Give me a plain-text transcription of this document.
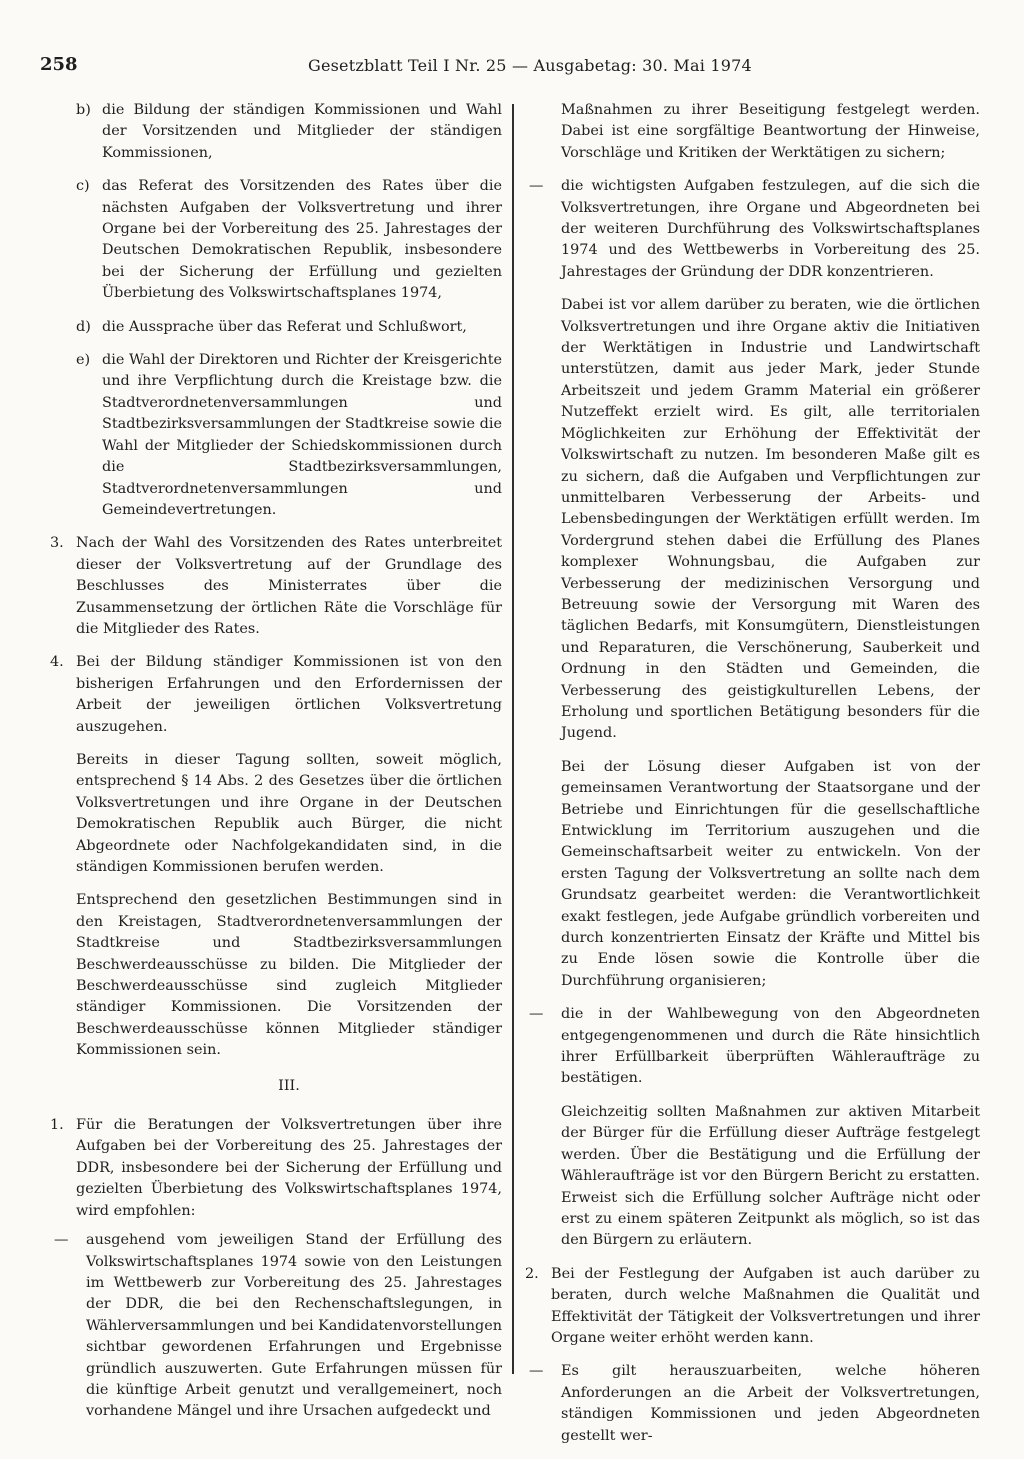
258	Gesetzblatt Teil I Nr. 25 — Ausgabetag: 30. Mai 1974
b) die Bildung der ständigen Kommissionen und Wahl der Vorsitzenden und Mitglieder der ständigen Kommissionen,
c) das Referat des Vorsitzenden des Rates über die nächsten Aufgaben der Volksvertretung und ihrer Organe bei der Vorbereitung des 25. Jahrestages der Deutschen Demokratischen Republik, insbesondere bei der Sicherung der Erfüllung und gezielten Überbietung des Volkswirtschaftsplanes 1974,
d) die Aussprache über das Referat und Schlußwort,
e) die Wahl der Direktoren und Richter der Kreisgerichte und ihre Verpflichtung durch die Kreistage bzw. die Stadtverordnetenversammlungen und Stadtbezirksversammlungen der Stadtkreise sowie die Wahl der Mitglieder der Schiedskommissionen durch die Stadtbezirksversammlungen, Stadtverordnetenversammlungen und Gemeindevertretungen.
3. Nach der Wahl des Vorsitzenden des Rates unterbreitet dieser der Volksvertretung auf der Grundlage des Beschlusses des Ministerrates über die Zusammensetzung der örtlichen Räte die Vorschläge für die Mitglieder des Rates.
4. Bei der Bildung ständiger Kommissionen ist von den bisherigen Erfahrungen und den Erfordernissen der Arbeit der jeweiligen örtlichen Volksvertretung auszugehen.

Bereits in dieser Tagung sollten, soweit möglich, entsprechend § 14 Abs. 2 des Gesetzes über die örtlichen Volksvertretungen und ihre Organe in der Deutschen Demokratischen Republik auch Bürger, die nicht Abgeordnete oder Nachfolgekandidaten sind, in die ständigen Kommissionen berufen werden.

Entsprechend den gesetzlichen Bestimmungen sind in den Kreistagen, Stadtverordnetenversammlungen der Stadtkreise und Stadtbezirksversammlungen Beschwerdeausschüsse zu bilden. Die Mitglieder der Beschwerdeausschüsse sind zugleich Mitglieder ständiger Kommissionen. Die Vorsitzenden der Beschwerdeausschüsse können Mitglieder ständiger Kommissionen sein.

III.
1. Für die Beratungen der Volksvertretungen über ihre Aufgaben bei der Vorbereitung des 25. Jahrestages der DDR, insbesondere bei der Sicherung der Erfüllung und gezielten Überbietung des Volkswirtschaftsplanes 1974, wird empfohlen:
— ausgehend vom jeweiligen Stand der Erfüllung des Volkswirtschaftsplanes 1974 sowie von den Leistungen im Wettbewerb zur Vorbereitung des 25. Jahrestages der DDR, die bei den Rechenschaftslegungen, in Wählerversammlungen und bei Kandidatenvorstellungen sichtbar gewordenen Erfahrungen und Ergebnisse gründlich auszuwerten. Gute Erfahrungen müssen für die künftige Arbeit genutzt und verallgemeinert, noch vorhandene Mängel und ihre Ursachen aufgedeckt und

Maßnahmen zu ihrer Beseitigung festgelegt werden. Dabei ist eine sorgfältige Beantwortung der Hinweise, Vorschläge und Kritiken der Werktätigen zu sichern;

— die wichtigsten Aufgaben festzulegen, auf die sich die Volksvertretungen, ihre Organe und Abgeordneten bei der weiteren Durchführung des Volkswirtschaftsplanes 1974 und des Wettbewerbs in Vorbereitung des 25. Jahrestages der Gründung der DDR konzentrieren.

Dabei ist vor allem darüber zu beraten, wie die örtlichen Volksvertretungen und ihre Organe aktiv die Initiativen der Werktätigen in Industrie und Landwirtschaft unterstützen, damit aus jeder Mark, jeder Stunde Arbeitszeit und jedem Gramm Material ein größerer Nutzeffekt erzielt wird. Es gilt, alle territorialen Möglichkeiten zur Erhöhung der Effektivität der Volkswirtschaft zu nutzen. Im besonderen Maße gilt es zu sichern, daß die Aufgaben und Verpflichtungen zur unmittelbaren Verbesserung der Arbeits- und Lebensbedingungen der Werktätigen erfüllt werden. Im Vordergrund stehen dabei die Erfüllung des Planes komplexer Wohnungsbau, die Aufgaben zur Verbesserung der medizinischen Versorgung und Betreuung sowie der Versorgung mit Waren des täglichen Bedarfs, mit Konsumgütern, Dienstleistungen und Reparaturen, die Verschönerung, Sauberkeit und Ordnung in den Städten und Gemeinden, die Verbesserung des geistigkulturellen Lebens, der Erholung und sportlichen Betätigung besonders für die Jugend.

Bei der Lösung dieser Aufgaben ist von der gemeinsamen Verantwortung der Staatsorgane und der Betriebe und Einrichtungen für die gesellschaftliche Entwicklung im Territorium auszugehen und die Gemeinschaftsarbeit weiter zu entwickeln. Von der ersten Tagung der Volksvertretung an sollte nach dem Grundsatz gearbeitet werden: die Verantwortlichkeit exakt festlegen, jede Aufgabe gründlich vorbereiten und durch konzentrierten Einsatz der Kräfte und Mittel bis zu Ende lösen sowie die Kontrolle über die Durchführung organisieren;

— die in der Wahlbewegung von den Abgeordneten entgegengenommenen und durch die Räte hinsichtlich ihrer Erfüllbarkeit überprüften Wähleraufträge zu bestätigen.

Gleichzeitig sollten Maßnahmen zur aktiven Mitarbeit der Bürger für die Erfüllung dieser Aufträge festgelegt werden. Über die Bestätigung und die Erfüllung der Wähleraufträge ist vor den Bürgern Bericht zu erstatten. Erweist sich die Erfüllung solcher Aufträge nicht oder erst zu einem späteren Zeitpunkt als möglich, so ist das den Bürgern zu erläutern.

2. Bei der Festlegung der Aufgaben ist auch darüber zu beraten, durch welche Maßnahmen die Qualität und Effektivität der Tätigkeit der Volksvertretungen und ihrer Organe weiter erhöht werden kann.
— Es gilt herauszuarbeiten, welche höheren Anforderungen an die Arbeit der Volksvertretungen, ständigen Kommissionen und jeden Abgeordneten gestellt wer-
